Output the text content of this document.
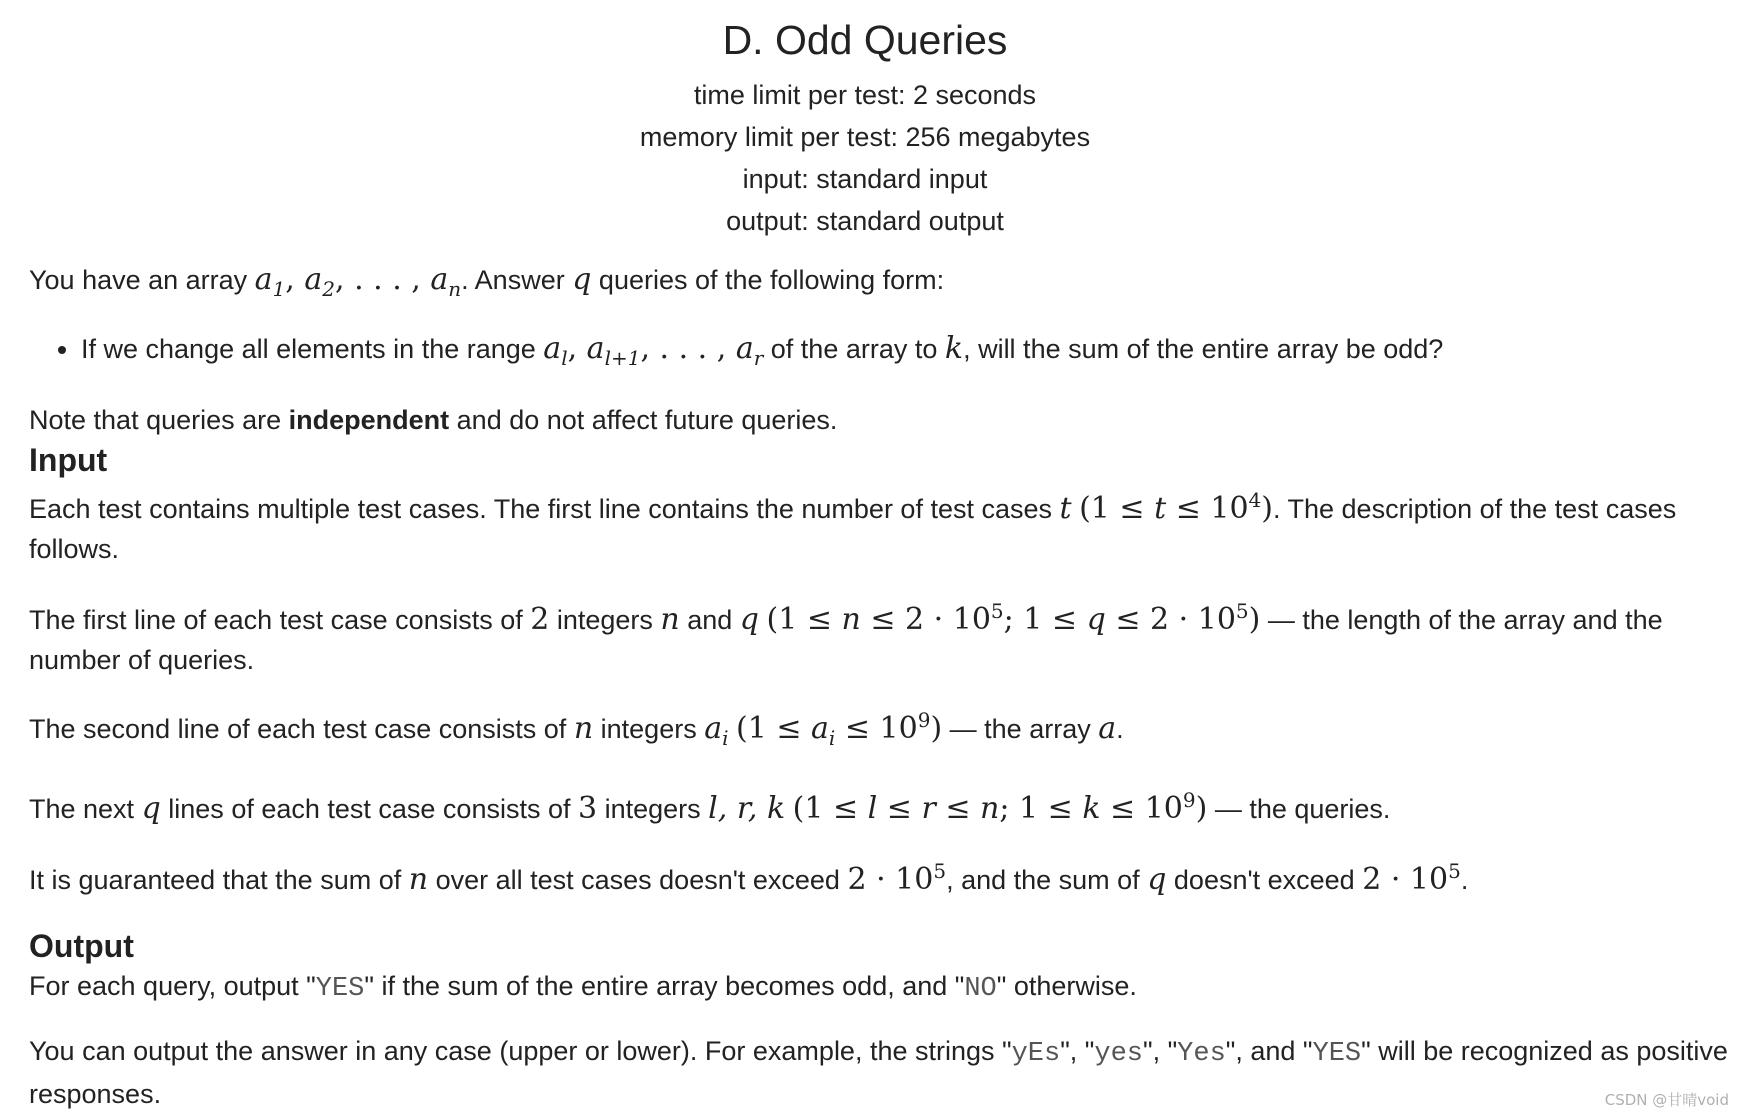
D. Odd Queries
time limit per test: 2 seconds
memory limit per test: 256 megabytes
input: standard input
output: standard output

You have an array $a_1$, $a_2$, . . . , $a_n$. Answer q queries of the following form:

• If we change all elements in the range $a_l$, $a_{l+1}$, . . . , $a_r$ of the array to k, will the sum of the entire array be odd?

Note that queries are independent and do not affect future queries.

Input

Each test contains multiple test cases. The first line contains the number of test cases t $(1 \le t \le 10^4)$. The description of the test cases follows.

The first line of each test case consists of 2 integers n and q ($1 \le n \le 2 \cdot 10^5$; $1 \le q \le 2 \cdot 10^5$) — the length of the array and the number of queries.

The second line of each test case consists of n integers $a_i$ $(1 \le a_i \le 10^9)$ — the array a.

The next q lines of each test case consists of 3 integers l, r, k (1 ≤ l ≤ r ≤ n; $1 \le k \le 10^9$) — the queries.

It is guaranteed that the sum of n over all test cases doesn't exceed $2 \cdot 10^5$, and the sum of q doesn't exceed $2 \cdot 10^5$.

Output

For each query, output "YES" if the sum of the entire array becomes odd, and "NO" otherwise.

You can output the answer in any case (upper or lower). For example, the strings "yEs", "yes", "Yes", and "YES" will be recognized as positive responses.	CSDN @甘晴void
